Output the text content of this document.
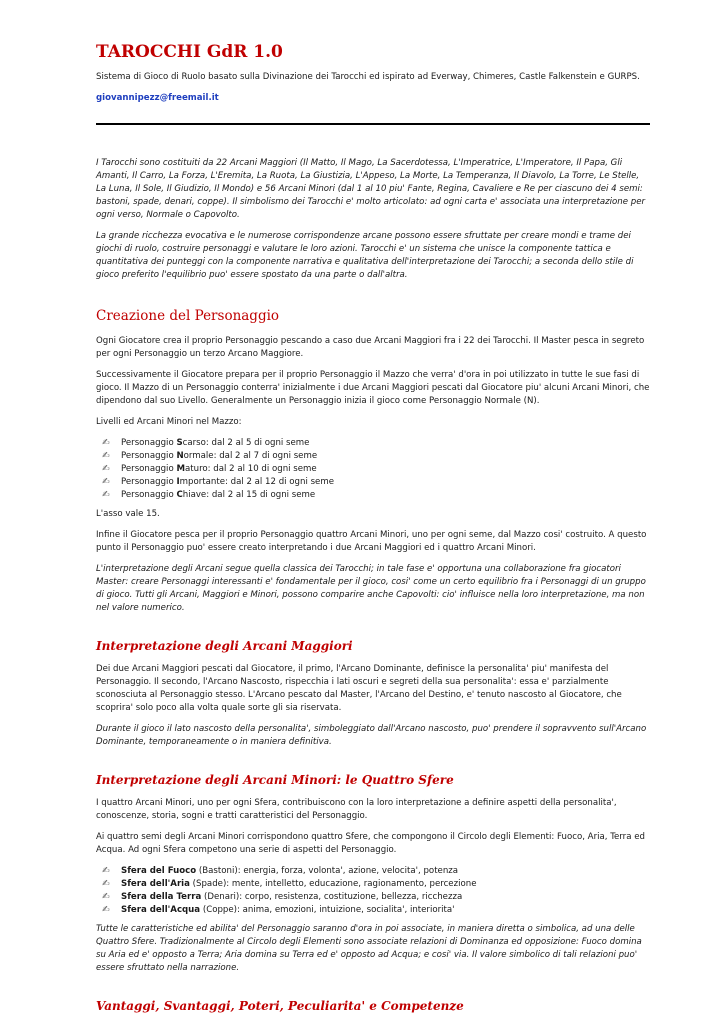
TAROCCHI GdR 1.0

Sistema di Gioco di Ruolo basato sulla Divinazione dei Tarocchi ed ispirato ad Everway, Chimeres, Castle Falkenstein e GURPS.

giovannipezz@freemail.it

I Tarocchi sono costituiti da 22 Arcani Maggiori (Il Matto, Il Mago, La Sacerdotessa, L'Imperatrice, L'Imperatore, Il Papa, Gli Amanti, Il Carro, La Forza, L'Eremita, La Ruota, La Giustizia, L'Appeso, La Morte, La Temperanza, Il Diavolo, La Torre, Le Stelle, La Luna, Il Sole, Il Giudizio, Il Mondo) e 56 Arcani Minori (dal 1 al 10 piu' Fante, Regina, Cavaliere e Re per ciascuno dei 4 semi: bastoni, spade, denari, coppe). Il simbolismo dei Tarocchi e' molto articolato: ad ogni carta e' associata una interpretazione per ogni verso, Normale o Capovolto.

La grande ricchezza evocativa e le numerose corrispondenze arcane possono essere sfruttate per creare mondi e trame dei giochi di ruolo, costruire personaggi e valutare le loro azioni. Tarocchi e' un sistema che unisce la componente tattica e quantitativa dei punteggi con la componente narrativa e qualitativa dell'interpretazione dei Tarocchi; a seconda dello stile di gioco preferito l'equilibrio puo' essere spostato da una parte o dall'altra.

Creazione del Personaggio

Ogni Giocatore crea il proprio Personaggio pescando a caso due Arcani Maggiori fra i 22 dei Tarocchi. Il Master pesca in segreto per ogni Personaggio un terzo Arcano Maggiore.

Successivamente il Giocatore prepara per il proprio Personaggio il Mazzo che verra' d'ora in poi utilizzato in tutte le sue fasi di gioco. Il Mazzo di un Personaggio conterra' inizialmente i due Arcani Maggiori pescati dal Giocatore piu' alcuni Arcani Minori, che dipendono dal suo Livello. Generalmente un Personaggio inizia il gioco come Personaggio Normale (N).

Livelli ed Arcani Minori nel Mazzo:

✍ Personaggio Scarso: dal 2 al 5 di ogni seme
✍ Personaggio Normale: dal 2 al 7 di ogni seme
✍ Personaggio Maturo: dal 2 al 10 di ogni seme
✍ Personaggio Importante: dal 2 al 12 di ogni seme
✍ Personaggio Chiave: dal 2 al 15 di ogni seme

L'asso vale 15.

Infine il Giocatore pesca per il proprio Personaggio quattro Arcani Minori, uno per ogni seme, dal Mazzo cosi' costruito. A questo punto il Personaggio puo' essere creato interpretando i due Arcani Maggiori ed i quattro Arcani Minori.

L'interpretazione degli Arcani segue quella classica dei Tarocchi; in tale fase e' opportuna una collaborazione fra giocatori Master: creare Personaggi interessanti e' fondamentale per il gioco, cosi' come un certo equilibrio fra i Personaggi di un gruppo di gioco. Tutti gli Arcani, Maggiori e Minori, possono comparire anche Capovolti: cio' influisce nella loro interpretazione, ma non nel valore numerico.

Interpretazione degli Arcani Maggiori

Dei due Arcani Maggiori pescati dal Giocatore, il primo, l'Arcano Dominante, definisce la personalita' piu' manifesta del Personaggio. Il secondo, l'Arcano Nascosto, rispecchia i lati oscuri e segreti della sua personalita': essa e' parzialmente sconosciuta al Personaggio stesso. L'Arcano pescato dal Master, l'Arcano del Destino, e' tenuto nascosto al Giocatore, che scoprira' solo poco alla volta quale sorte gli sia riservata.

Durante il gioco il lato nascosto della personalita', simboleggiato dall'Arcano nascosto, puo' prendere il sopravvento sull'Arcano Dominante, temporaneamente o in maniera definitiva.

Interpretazione degli Arcani Minori: le Quattro Sfere

I quattro Arcani Minori, uno per ogni Sfera, contribuiscono con la loro interpretazione a definire aspetti della personalita', conoscenze, storia, sogni e tratti caratteristici del Personaggio.

Ai quattro semi degli Arcani Minori corrispondono quattro Sfere, che compongono il Circolo degli Elementi: Fuoco, Aria, Terra ed Acqua. Ad ogni Sfera competono una serie di aspetti del Personaggio.

✍ Sfera del Fuoco (Bastoni): energia, forza, volonta', azione, velocita', potenza
✍ Sfera dell'Aria (Spade): mente, intelletto, educazione, ragionamento, percezione
✍ Sfera della Terra (Denari): corpo, resistenza, costituzione, bellezza, ricchezza
✍ Sfera dell'Acqua (Coppe): anima, emozioni, intuizione, socialita', interiorita'

Tutte le caratteristiche ed abilita' del Personaggio saranno d'ora in poi associate, in maniera diretta o simbolica, ad una delle Quattro Sfere. Tradizionalmente al Circolo degli Elementi sono associate relazioni di Dominanza ed opposizione: Fuoco domina su Aria ed e' opposto a Terra; Aria domina su Terra ed e' opposto ad Acqua; e cosi' via. Il valore simbolico di tali relazioni puo' essere sfruttato nella narrazione.

Vantaggi, Svantaggi, Poteri, Peculiarita' e Competenze
